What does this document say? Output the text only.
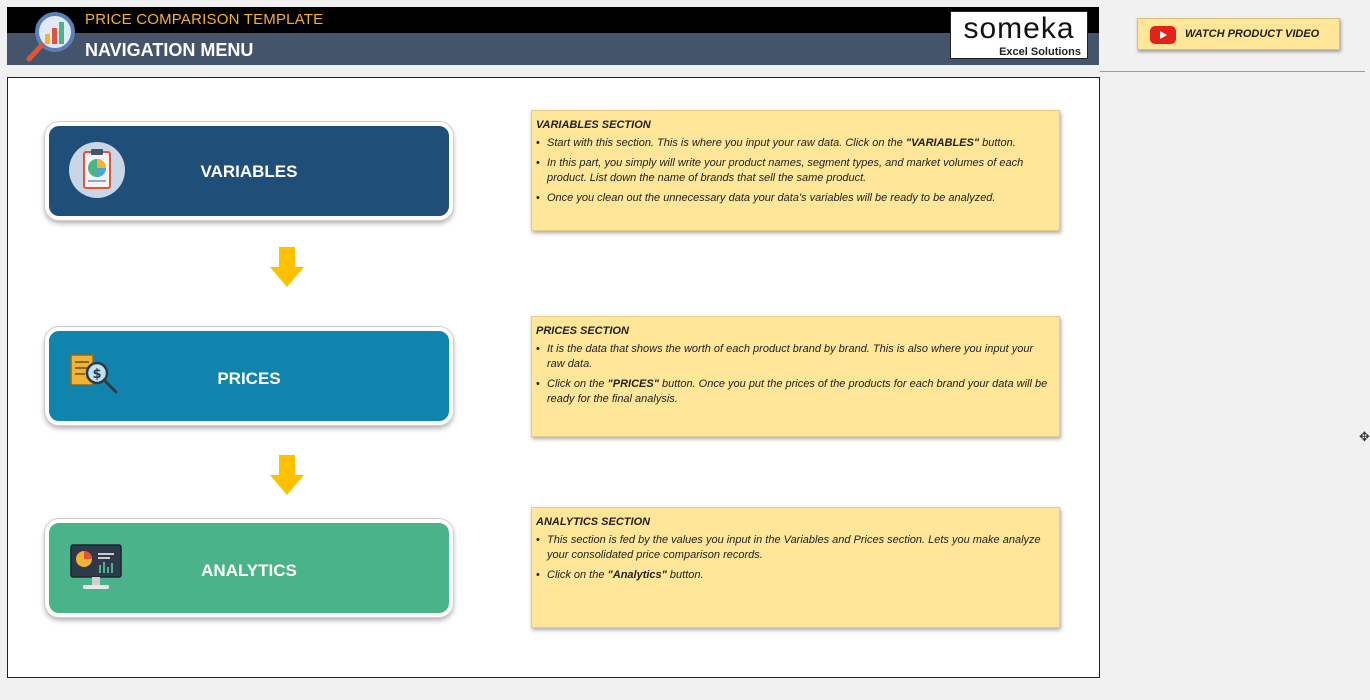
PRICE COMPARISON TEMPLATE
NAVIGATION MENU
someka
Excel Solutions
WATCH PRODUCT VIDEO
VARIABLES
$	PRICES
ANALYTICS
VARIABLES SECTION
• Start with this section. This is where you input your raw data. Click on the "VARIABLES" button.
• In this part, you simply will write your product names, segment types, and market volumes of each product. List down the name of brands that sell the same product.
• Once you clean out the unnecessary data your data's variables will be ready to be analyzed.
PRICES SECTION
• It is the data that shows the worth of each product brand by brand. This is also where you input your raw data.
• Click on the "PRICES" button. Once you put the prices of the products for each brand your data will be ready for the final analysis.
ANALYTICS SECTION
• This section is fed by the values you input in the Variables and Prices section. Lets you make analyze your consolidated price comparison records.
• Click on the "Analytics" button.
✥
